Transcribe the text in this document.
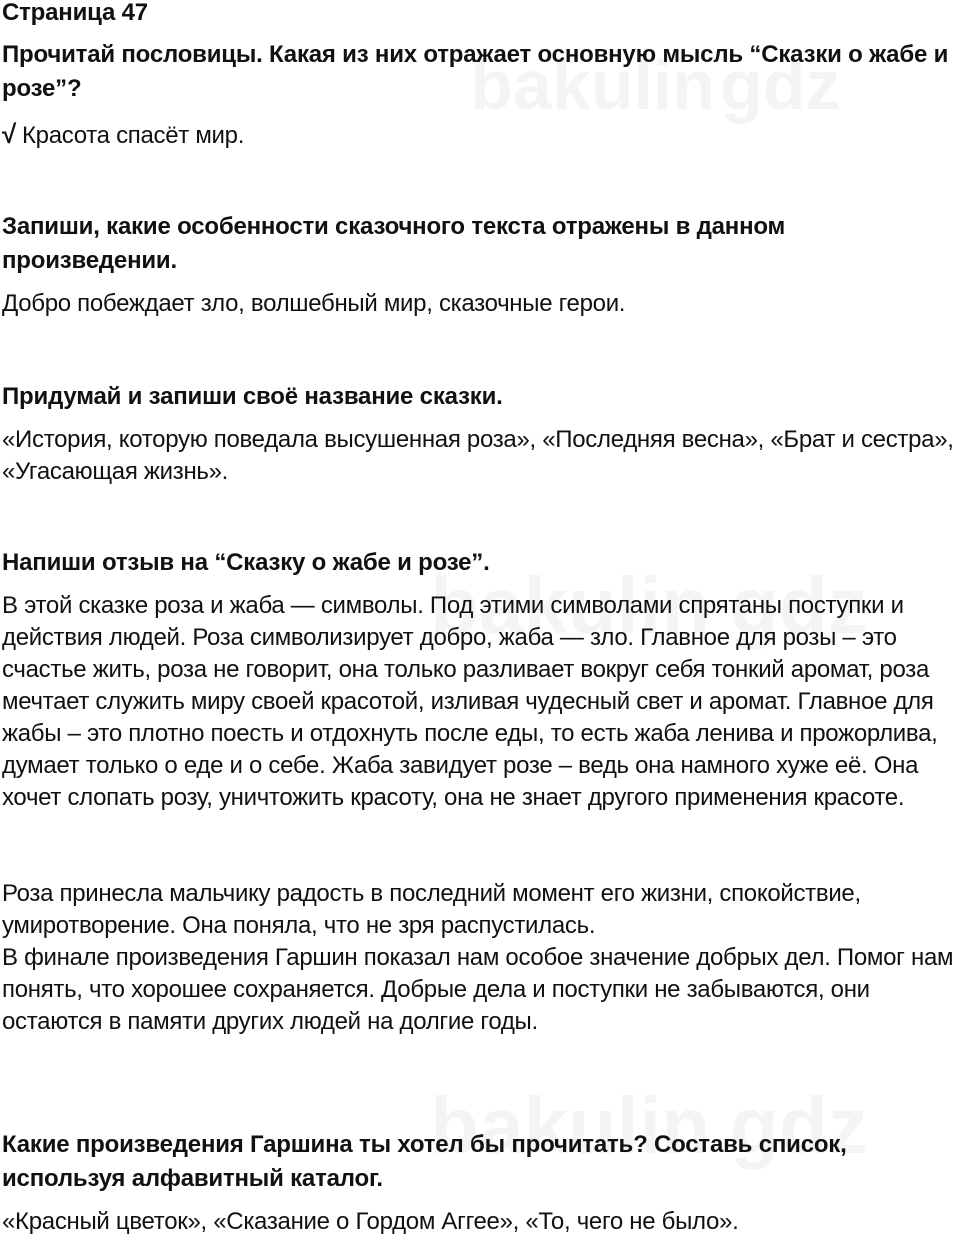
Страница 47
Прочитай пословицы. Какая из них отражает основную мысль “Сказки о жабе и розе”?
√ Красота спасёт мир.
Запиши, какие особенности сказочного текста отражены в данном произведении.
Добро побеждает зло, волшебный мир, сказочные герои.
Придумай и запиши своё название сказки.
«История, которую поведала высушенная роза», «Последняя весна», «Брат и сестра», «Угасающая жизнь».
Напиши отзыв на “Сказку о жабе и розе”.
В этой сказке роза и жаба — символы. Под этими символами спрятаны поступки и действия людей. Роза символизирует добро, жаба — зло. Главное для розы – это счастье жить, роза не говорит, она только разливает вокруг себя тонкий аромат, роза мечтает служить миру своей красотой, изливая чудесный свет и аромат. Главное для жабы – это плотно поесть и отдохнуть после еды, то есть жаба ленива и прожорлива, думает только о еде и о себе. Жаба завидует розе – ведь она намного хуже её. Она хочет слопать розу, уничтожить красоту, она не знает другого применения красоте.
Роза принесла мальчику радость в последний момент его жизни, спокойствие, умиротворение. Она поняла, что не зря распустилась.
В финале произведения Гаршин показал нам особое значение добрых дел. Помог нам понять, что хорошее сохраняется. Добрые дела и поступки не забываются, они остаются в памяти других людей на долгие годы.
Какие произведения Гаршина ты хотел бы прочитать? Составь список, используя алфавитный каталог.
«Красный цветок», «Сказание о Гордом Аггее», «То, чего не было».
